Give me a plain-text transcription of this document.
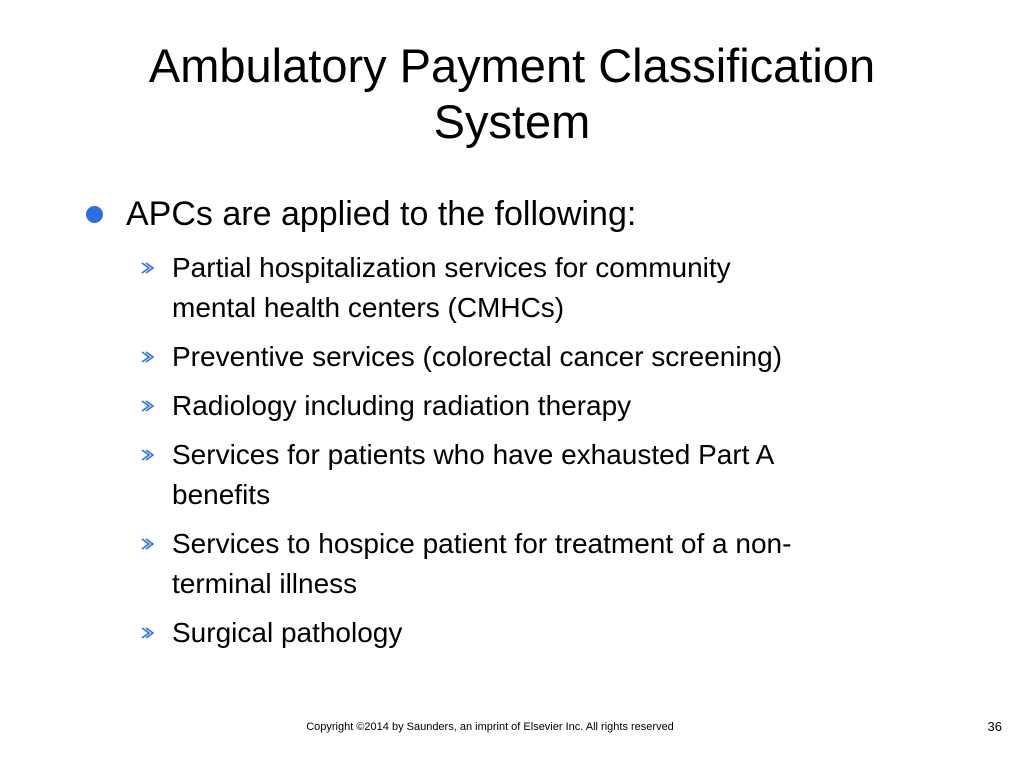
Ambulatory Payment Classification
System
APCs are applied to the following:
Partial hospitalization services for community
mental health centers (CMHCs)
Preventive services (colorectal cancer screening)
Radiology including radiation therapy
Services for patients who have exhausted Part A
benefits
Services to hospice patient for treatment of a non-
terminal illness
Surgical pathology
Copyright ©2014 by Saunders, an imprint of Elsevier Inc. All rights reserved	36
